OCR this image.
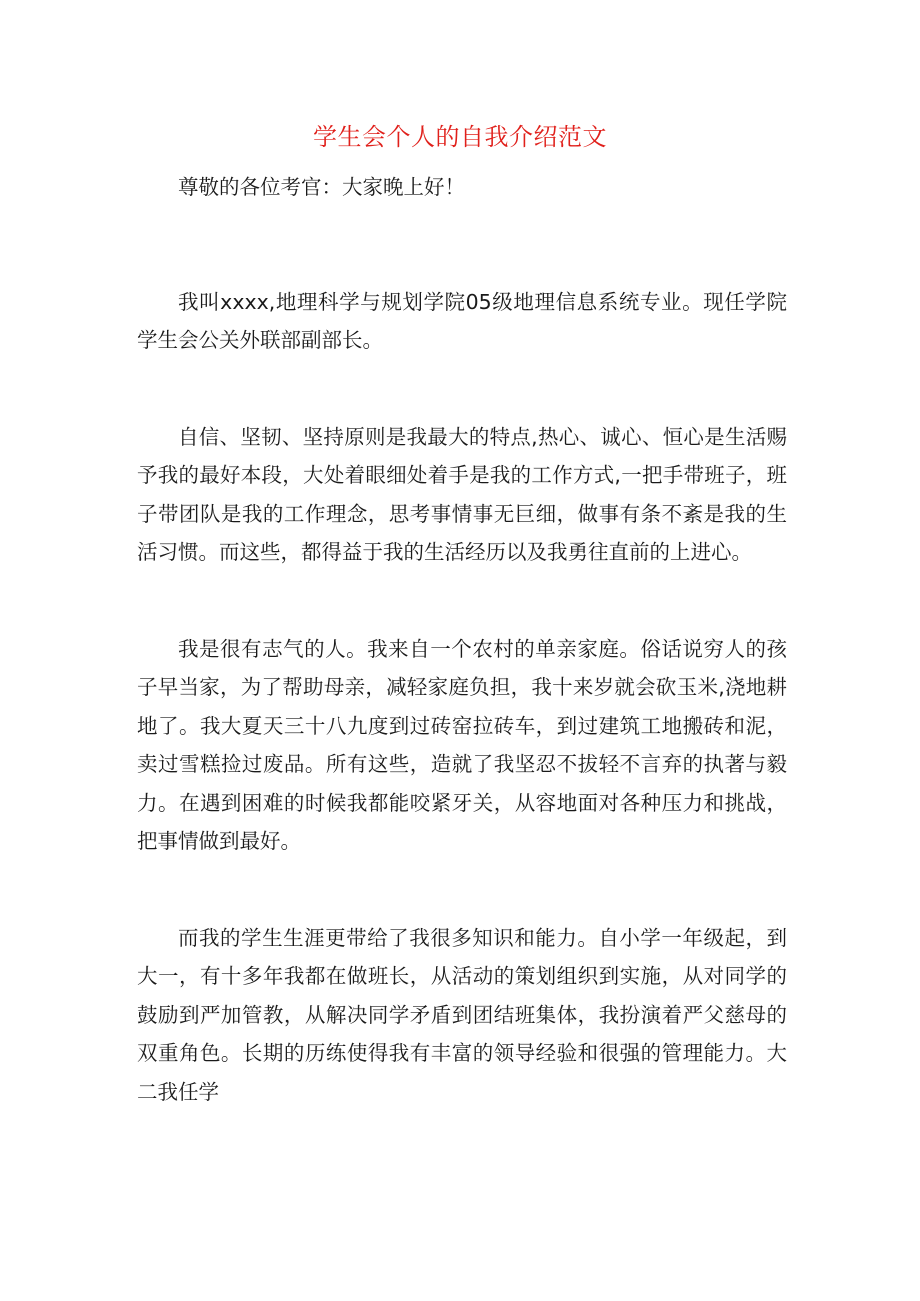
学生会个人的自我介绍范文

尊敬的各位考官：大家晚上好！

我叫xxxx,地理科学与规划学院05级地理信息系统专业。现任学院学生会公关外联部副部长。

自信、坚韧、坚持原则是我最大的特点,热心、诚心、恒心是生活赐予我的最好本段，大处着眼细处着手是我的工作方式,一把手带班子，班子带团队是我的工作理念，思考事情事无巨细，做事有条不紊是我的生活习惯。而这些，都得益于我的生活经历以及我勇往直前的上进心。

我是很有志气的人。我来自一个农村的单亲家庭。俗话说穷人的孩子早当家，为了帮助母亲，减轻家庭负担，我十来岁就会砍玉米,浇地耕地了。我大夏天三十八九度到过砖窑拉砖车，到过建筑工地搬砖和泥，卖过雪糕捡过废品。所有这些，造就了我坚忍不拔轻不言弃的执著与毅力。在遇到困难的时候我都能咬紧牙关，从容地面对各种压力和挑战，把事情做到最好。

而我的学生生涯更带给了我很多知识和能力。自小学一年级起，到大一，有十多年我都在做班长，从活动的策划组织到实施，从对同学的鼓励到严加管教，从解决同学矛盾到团结班集体，我扮演着严父慈母的双重角色。长期的历练使得我有丰富的领导经验和很强的管理能力。大二我任学
